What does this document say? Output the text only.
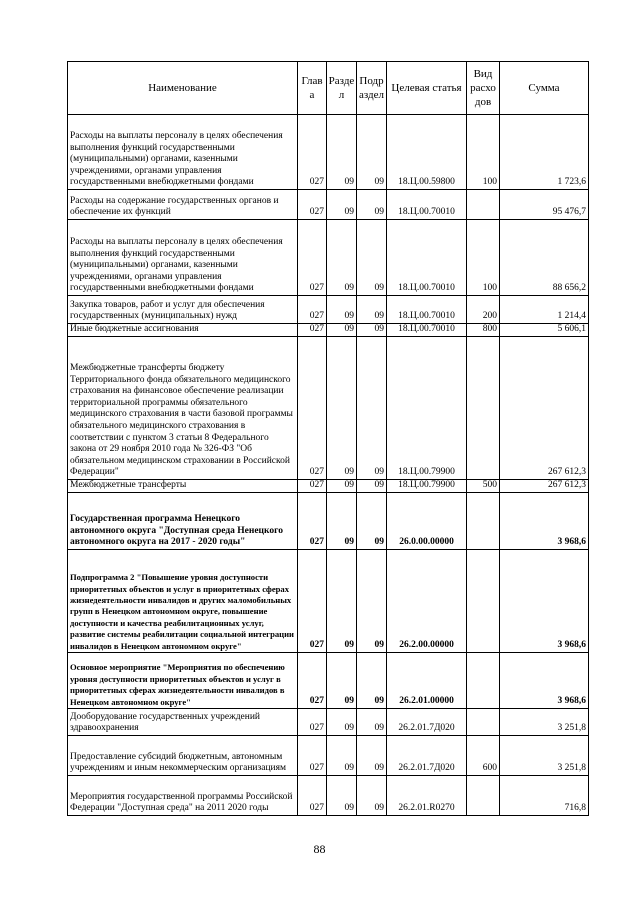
Наименование	Глав а	Разде л	Подр аздел	Целевая статья	Вид расхо дов	Сумма
Расходы на выплаты персоналу в целях обеспечения выполнения функций государственными (муниципальными) органами, казенными учреждениями, органами управления государственными внебюджетными фондами	027	09	09	18.Ц.00.59800	100	1 723,6
Расходы на содержание государственных органов и обеспечение их функций	027	09	09	18.Ц.00.70010		95 476,7
Расходы на выплаты персоналу в целях обеспечения выполнения функций государственными (муниципальными) органами, казенными учреждениями, органами управления государственными внебюджетными фондами	027	09	09	18.Ц.00.70010	100	88 656,2
Закупка товаров, работ и услуг для обеспечения государственных (муниципальных) нужд	027	09	09	18.Ц.00.70010	200	1 214,4
Иные бюджетные ассигнования	027	09	09	18.Ц.00.70010	800	5 606,1
Межбюджетные трансферты бюджету Территориального фонда обязательного медицинского страхования на финансовое обеспечение реализации территориальной программы обязательного медицинского страхования в части базовой программы обязательного медицинского страхования в соответствии с пунктом 3 статьи 8 Федерального закона от 29 ноября 2010 года № 326-ФЗ "Об обязательном медицинском страховании в Российской Федерации"	027	09	09	18.Ц.00.79900		267 612,3
Межбюджетные трансферты	027	09	09	18.Ц.00.79900	500	267 612,3
Государственная программа Ненецкого автономного округа "Доступная среда Ненецкого автономного округа на 2017 - 2020 годы"	027	09	09	26.0.00.00000		3 968,6
Подпрограмма 2 "Повышение уровня доступности приоритетных объектов и услуг в приоритетных сферах жизнедеятельности инвалидов и других маломобильных групп в Ненецком автономном округе, повышение доступности и качества реабилитационных услуг, развитие системы реабилитации социальной интеграции инвалидов в Ненецком автономном округе"	027	09	09	26.2.00.00000		3 968,6
Основное мероприятие "Мероприятия по обеспечению уровня доступности приоритетных объектов и услуг в приоритетных сферах жизнедеятельности инвалидов в Ненецком автономном округе"	027	09	09	26.2.01.00000		3 968,6
Дооборудование государственных учреждений здравоохранения	027	09	09	26.2.01.7Д020		3 251,8
Предоставление субсидий бюджетным, автономным учреждениям и иным некоммерческим организациям	027	09	09	26.2.01.7Д020	600	3 251,8
Мероприятия государственной программы Российской Федерации "Доступная среда" на 2011 2020 годы	027	09	09	26.2.01.R0270		716,8
88
